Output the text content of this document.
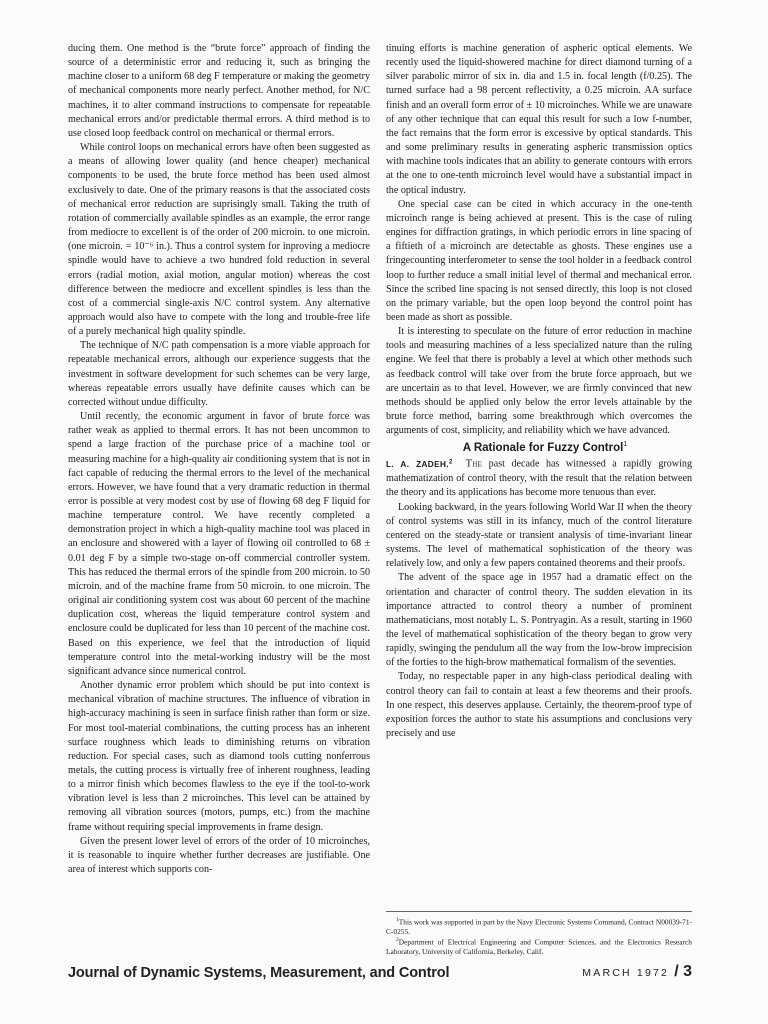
ducing them. One method is the “brute force” approach of finding the source of a deterministic error and reducing it, such as bringing the machine closer to a uniform 68 deg F temperature or making the geometry of mechanical components more nearly perfect. Another method, for N/C machines, it to alter command instructions to compensate for repeatable mechanical errors and/or predictable thermal errors. A third method is to use closed loop feedback control on mechanical or thermal errors.

While control loops on mechanical errors have often been suggested as a means of allowing lower quality (and hence cheaper) mechanical components to be used, the brute force method has been used almost exclusively to date. One of the primary reasons is that the associated costs of mechanical error reduction are suprisingly small. Taking the truth of rotation of commercially available spindles as an example, the error range from mediocre to excellent is of the order of 200 microin. to one microin. (one microin. = 10⁻⁶ in.). Thus a control system for inproving a mediocre spindle would have to achieve a two hundred fold reduction in several errors (radial motion, axial motion, angular motion) whereas the cost difference between the mediocre and excellent spindles is less than the cost of a commercial single-axis N/C control system. Any alternative approach would also have to compete with the long and trouble-free life of a purely mechanical high quality spindle.

The technique of N/C path compensation is a more viable approach for repeatable mechanical errors, although our experience suggests that the investment in software development for such schemes can be very large, whereas repeatable errors usually have definite causes which can be corrected without undue difficulty.

Until recently, the economic argument in favor of brute force was rather weak as applied to thermal errors. It has not been uncommon to spend a large fraction of the purchase price of a machine tool or measuring machine for a high-quality air conditioning system that is not in fact capable of reducing the thermal errors to the level of the mechanical errors. However, we have found that a very dramatic reduction in thermal error is possible at very modest cost by use of flowing 68 deg F liquid for machine temperature control. We have recently completed a demonstration project in which a high-quality machine tool was placed in an enclosure and showered with a layer of flowing oil controlled to 68 ± 0.01 deg F by a simple two-stage on-off commercial controller system. This has reduced the thermal errors of the spindle from 200 microin. to 50 microin. and of the machine frame from 50 microin. to one microin. The original air conditioning system cost was about 60 percent of the machine duplication cost, whereas the liquid temperature control system and enclosure could be duplicated for less than 10 percent of the machine cost. Based on this experience, we feel that the introduction of liquid temperature control into the metal-working industry will be the most significant advance since numerical control.

Another dynamic error problem which should be put into context is mechanical vibration of machine structures. The influence of vibration in high-accuracy machining is seen in surface finish rather than form or size. For most tool-material combinations, the cutting process has an inherent surface roughness which leads to diminishing returns on vibration reduction. For special cases, such as diamond tools cutting nonferrous metals, the cutting process is virtually free of inherent roughness, leading to a mirror finish which becomes flawless to the eye if the tool-to-work vibration level is less than 2 microinches. This level can be attained by removing all vibration sources (motors, pumps, etc.) from the machine frame without requiring special improvements in frame design.

Given the present lower level of errors of the order of 10 microinches, it is reasonable to inquire whether further decreases are justifiable. One area of interest which supports con-

tinuing efforts is machine generation of aspheric optical elements. We recently used the liquid-showered machine for direct diamond turning of a silver parabolic mirror of six in. dia and 1.5 in. focal length (f/0.25). The turned surface had a 98 percent reflectivity, a 0.25 microin. AA surface finish and an overall form error of ± 10 microinches. While we are unaware of any other technique that can equal this result for such a low f-number, the fact remains that the form error is excessive by optical standards. This and some preliminary results in generating aspheric transmission optics with machine tools indicates that an ability to generate contours with errors at the one to one-tenth microinch level would have a substantial impact in the optical industry.

One special case can be cited in which accuracy in the one-tenth microinch range is being achieved at present. This is the case of ruling engines for diffraction gratings, in which periodic errors in line spacing of a fiftieth of a microinch are detectable as ghosts. These engines use a fringecounting interferometer to sense the tool holder in a feedback control loop to further reduce a small initial level of thermal and mechanical error. Since the scribed line spacing is not sensed directly, this loop is not closed on the primary variable, but the open loop beyond the control point has been made as short as possible.

It is interesting to speculate on the future of error reduction in machine tools and measuring machines of a less specialized nature than the ruling engine. We feel that there is probably a level at which other methods such as feedback control will take over from the brute force approach, but we are uncertain as to that level. However, we are firmly convinced that new methods should be applied only below the error levels attainable by the brute force method, barring some breakthrough which overcomes the arguments of cost, simplicity, and reliability which we have advanced.

A Rationale for Fuzzy Control$^1$

L. A. ZADEH.$^2$ The past decade has witnessed a rapidly growing mathematization of control theory, with the result that the relation between the theory and its applications has become more tenuous than ever.

Looking backward, in the years following World War II when the theory of control systems was still in its infancy, much of the control literature centered on the steady-state or transient analysis of time-invariant linear systems. The level of mathematical sophistication of the theory was relatively low, and only a few papers contained theorems and their proofs.

The advent of the space age in 1957 had a dramatic effect on the orientation and character of control theory. The sudden elevation in its importance attracted to control theory a number of prominent mathematicians, most notably L. S. Pontryagin. As a result, starting in 1960 the level of mathematical sophistication of the theory began to grow very rapidly, swinging the pendulum all the way from the low-brow imprecision of the forties to the high-brow mathematical formalism of the seventies.

Today, no respectable paper in any high-class periodical dealing with control theory can fail to contain at least a few theorems and their proofs. In one respect, this deserves applause. Certainly, the theorem-proof type of exposition forces the author to state his assumptions and conclusions very precisely and use

$^1$This work was supported in part by the Navy Electronic Systems Command, Contract N00039-71-C-0255.
$^2$Department of Electrical Engineering and Computer Sciences, and the Electronics Research Laboratory, University of California, Berkeley, Calif.
Journal of Dynamic Systems, Measurement, and Control	MARCH 1972 / 3
